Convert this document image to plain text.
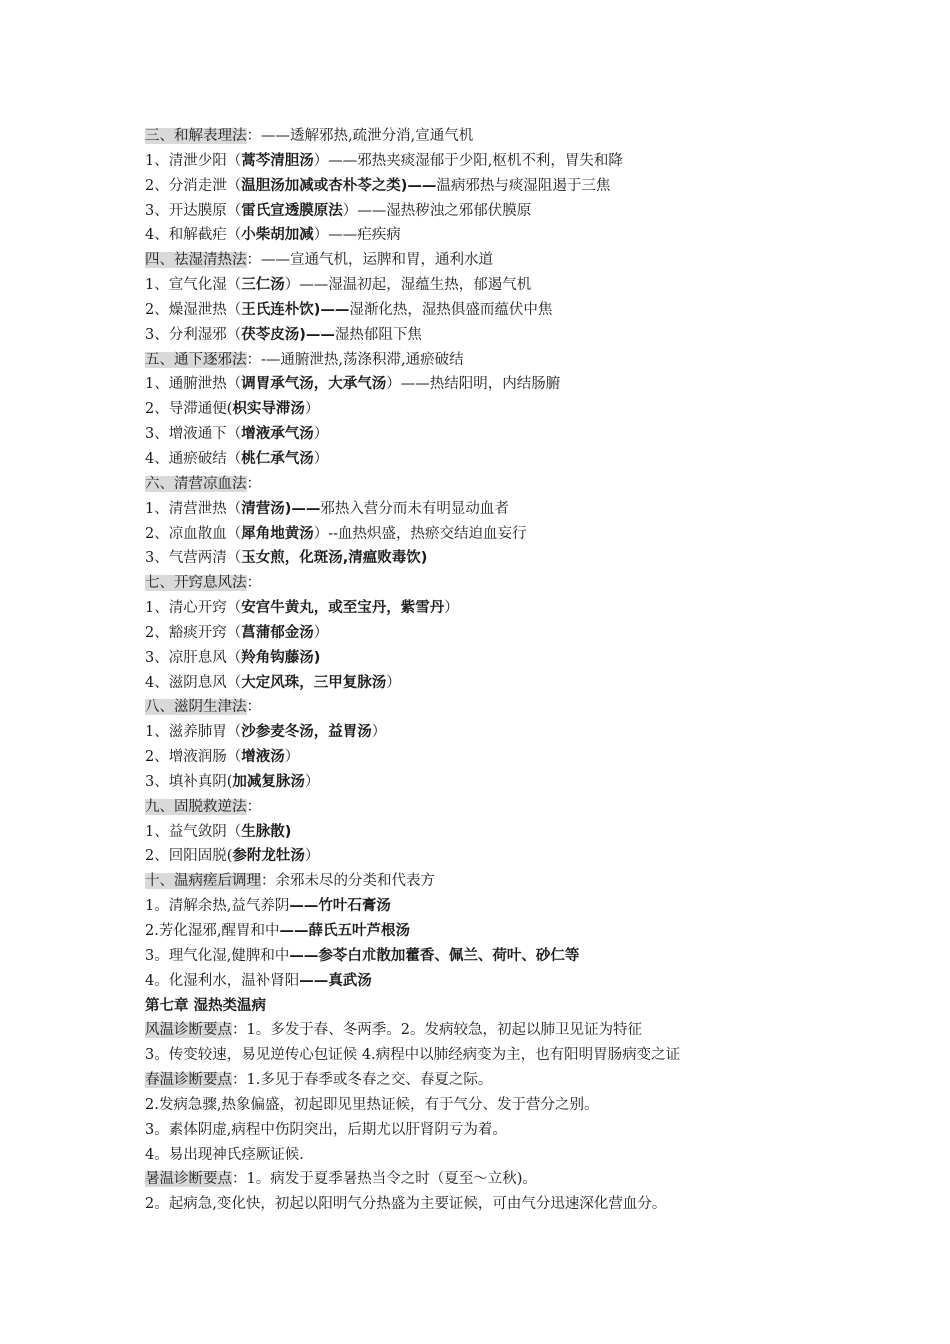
三、和解表理法：——透解邪热,疏泄分消,宣通气机
1、清泄少阳（蒿芩清胆汤）——邪热夹痰湿郁于少阳,枢机不利，胃失和降
2、分消走泄（温胆汤加减或杏朴苓之类)——温病邪热与痰湿阻遏于三焦
3、开达膜原（雷氏宣透膜原法）——湿热秽浊之邪郁伏膜原
4、和解截疟（小柴胡加减）——疟疾病
四、祛湿清热法：——宣通气机，运脾和胃，通利水道
1、宣气化湿（三仁汤）——湿温初起，湿蕴生热，郁遏气机
2、燥湿泄热（王氏连朴饮)——湿渐化热，湿热俱盛而蕴伏中焦
3、分利湿邪（茯苓皮汤)——湿热郁阻下焦
五、通下逐邪法：-—通腑泄热,荡涤积滞,通瘀破结
1、通腑泄热（调胃承气汤，大承气汤）——热结阳明，内结肠腑
2、导滞通便(枳实导滞汤）
3、增液通下（增液承气汤）
4、通瘀破结（桃仁承气汤）
六、清营凉血法：
1、清营泄热（清营汤)——邪热入营分而未有明显动血者
2、凉血散血（犀角地黄汤）--血热炽盛，热瘀交结迫血妄行
3、气营两清（玉女煎，化斑汤,清瘟败毒饮)
七、开窍息风法：
1、清心开窍（安宫牛黄丸，或至宝丹，紫雪丹）
2、豁痰开窍（菖蒲郁金汤）
3、凉肝息风（羚角钩藤汤)
4、滋阴息风（大定风珠，三甲复脉汤）
八、滋阴生津法：
1、滋养肺胃（沙参麦冬汤，益胃汤）
2、增液润肠（增液汤）
3、填补真阴(加减复脉汤）
九、固脱救逆法：
1、益气敛阴（生脉散)
2、回阳固脱(参附龙牡汤）
十、温病瘥后调理：余邪未尽的分类和代表方
1。清解余热,益气养阴——竹叶石膏汤
2.芳化湿邪,醒胃和中——薛氏五叶芦根汤
3。理气化湿,健脾和中——参苓白朮散加藿香、佩兰、荷叶、砂仁等
4。化湿利水，温补肾阳——真武汤
第七章 湿热类温病
风温诊断要点：1。多发于春、冬两季。2。发病较急，初起以肺卫见证为特征
3。传变较速，易见逆传心包证候 4.病程中以肺经病变为主，也有阳明胃肠病变之证
春温诊断要点：1.多见于春季或冬春之交、春夏之际。
2.发病急骤,热象偏盛，初起即见里热证候，有于气分、发于营分之别。
3。素体阴虚,病程中伤阴突出，后期尤以肝肾阴亏为着。
4。易出现神氏痉厥证候.
暑温诊断要点：1。病发于夏季暑热当令之时（夏至～立秋)。
2。起病急,变化快，初起以阳明气分热盛为主要证候，可由气分迅速深化营血分。
